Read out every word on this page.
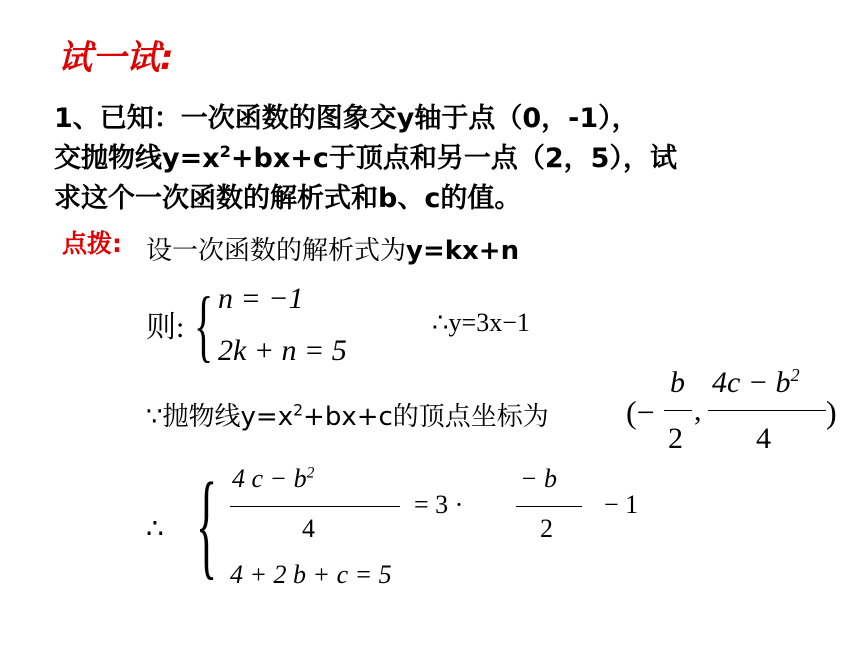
试一试:
1、已知：一次函数的图象交y轴于点（0，-1），
交抛物线$y=x^2+bx+c$于顶点和另一点（2，5），试
求这个一次函数的解析式和b、c的值。
点拨: 设一次函数的解析式为y=kx+n
则: { n = −1
2k + n = 5
∴y=3x−1
∵抛物线$y=x^2+bx+c$的顶点坐标为 (−
b
2
,
$4c - b^2$
4
)
∴ { 4 $c - b^2$
4
= 3 ·
− b
2
− 1
4 + 2 b + c = 5
